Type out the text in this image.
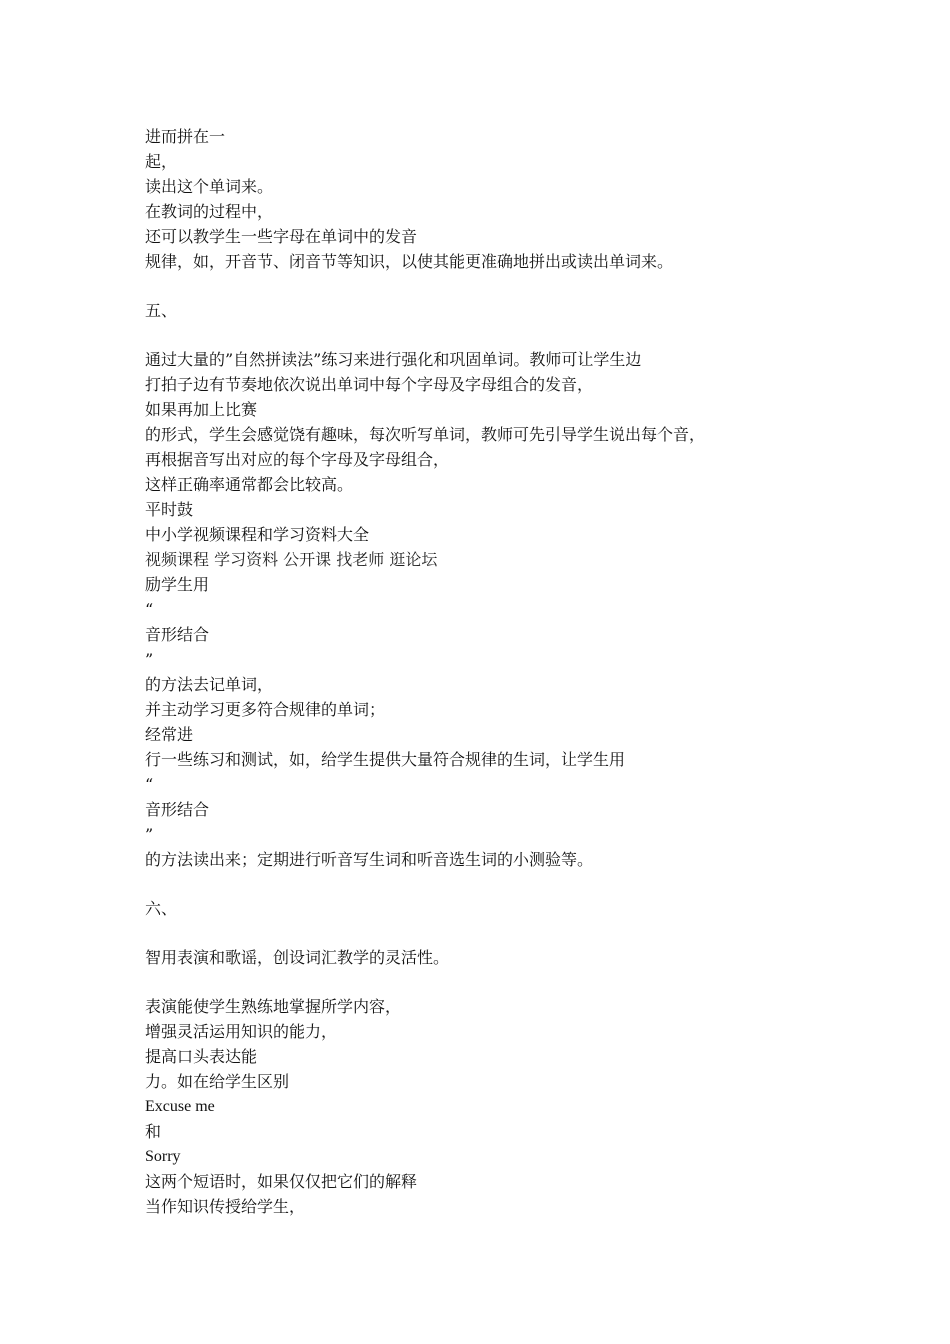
进而拼在一
起，
读出这个单词来。
在教词的过程中，
还可以教学生一些字母在单词中的发音
规律，如，开音节、闭音节等知识，以使其能更准确地拼出或读出单词来。
五、
通过大量的”自然拼读法”练习来进行强化和巩固单词。教师可让学生边
打拍子边有节奏地依次说出单词中每个字母及字母组合的发音，
如果再加上比赛
的形式，学生会感觉饶有趣味，每次听写单词，教师可先引导学生说出每个音，
再根据音写出对应的每个字母及字母组合，
这样正确率通常都会比较高。
平时鼓
中小学视频课程和学习资料大全
视频课程 学习资料 公开课 找老师 逛论坛
励学生用
“
音形结合
”
的方法去记单词，
并主动学习更多符合规律的单词；
经常进
行一些练习和测试，如，给学生提供大量符合规律的生词，让学生用
“
音形结合
”
的方法读出来；定期进行听音写生词和听音选生词的小测验等。
六、
智用表演和歌谣，创设词汇教学的灵活性。
表演能使学生熟练地掌握所学内容，
增强灵活运用知识的能力，
提高口头表达能
力。如在给学生区别
Excuse me
和
Sorry
这两个短语时，如果仅仅把它们的解释
当作知识传授给学生，
